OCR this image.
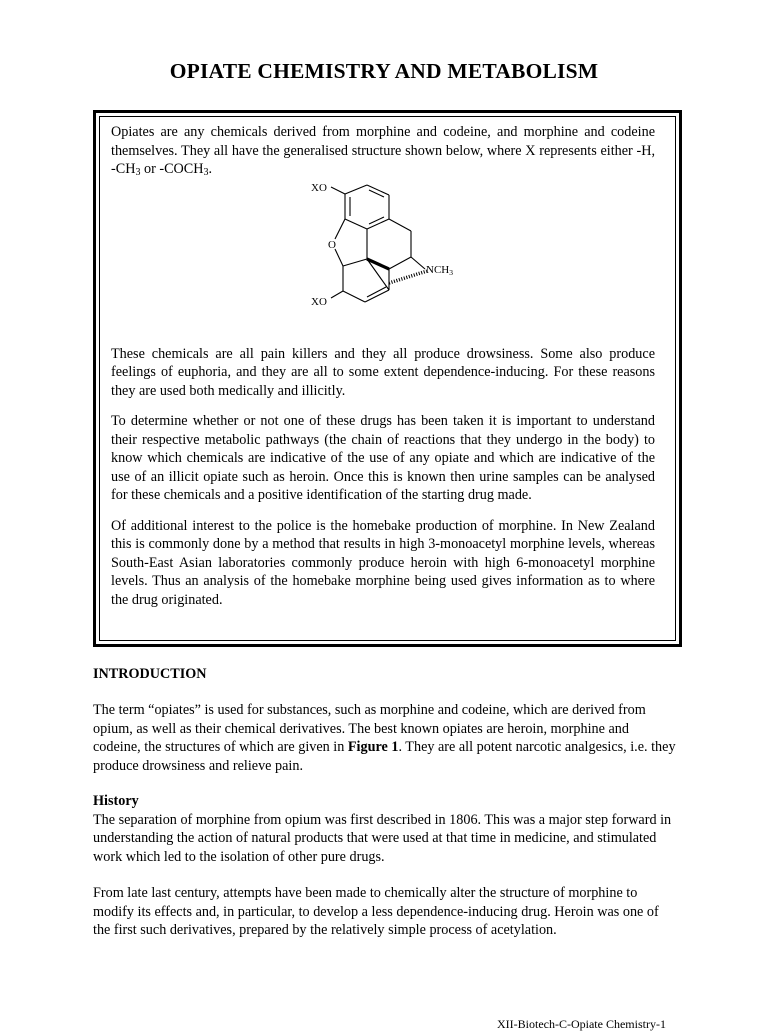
OPIATE CHEMISTRY AND METABOLISM

Opiates are any chemicals derived from morphine and codeine, and morphine and codeine themselves. They all have the generalised structure shown below, where X represents either -H, $-CH_3$ or $-COCH_3$.

XO
O
XO
NCH3

These chemicals are all pain killers and they all produce drowsiness. Some also produce feelings of euphoria, and they are all to some extent dependence-inducing. For these reasons they are used both medically and illicitly.

To determine whether or not one of these drugs has been taken it is important to understand their respective metabolic pathways (the chain of reactions that they undergo in the body) to know which chemicals are indicative of the use of any opiate and which are indicative of the use of an illicit opiate such as heroin. Once this is known then urine samples can be analysed for these chemicals and a positive identification of the starting drug made.

Of additional interest to the police is the homebake production of morphine. In New Zealand this is commonly done by a method that results in high 3-monoacetyl morphine levels, whereas South-East Asian laboratories commonly produce heroin with high 6-monoacetyl morphine levels. Thus an analysis of the homebake morphine being used gives information as to where the drug originated.

INTRODUCTION

The term “opiates” is used for substances, such as morphine and codeine, which are derived from opium, as well as their chemical derivatives. The best known opiates are heroin, morphine and codeine, the structures of which are given in Figure 1. They are all potent narcotic analgesics, i.e. they produce drowsiness and relieve pain.

History

The separation of morphine from opium was first described in 1806. This was a major step forward in understanding the action of natural products that were used at that time in medicine, and stimulated work which led to the isolation of other pure drugs.

From late last century, attempts have been made to chemically alter the structure of morphine to modify its effects and, in particular, to develop a less dependence-inducing drug. Heroin was one of the first such derivatives, prepared by the relatively simple process of acetylation.

XII-Biotech-C-Opiate Chemistry-1
